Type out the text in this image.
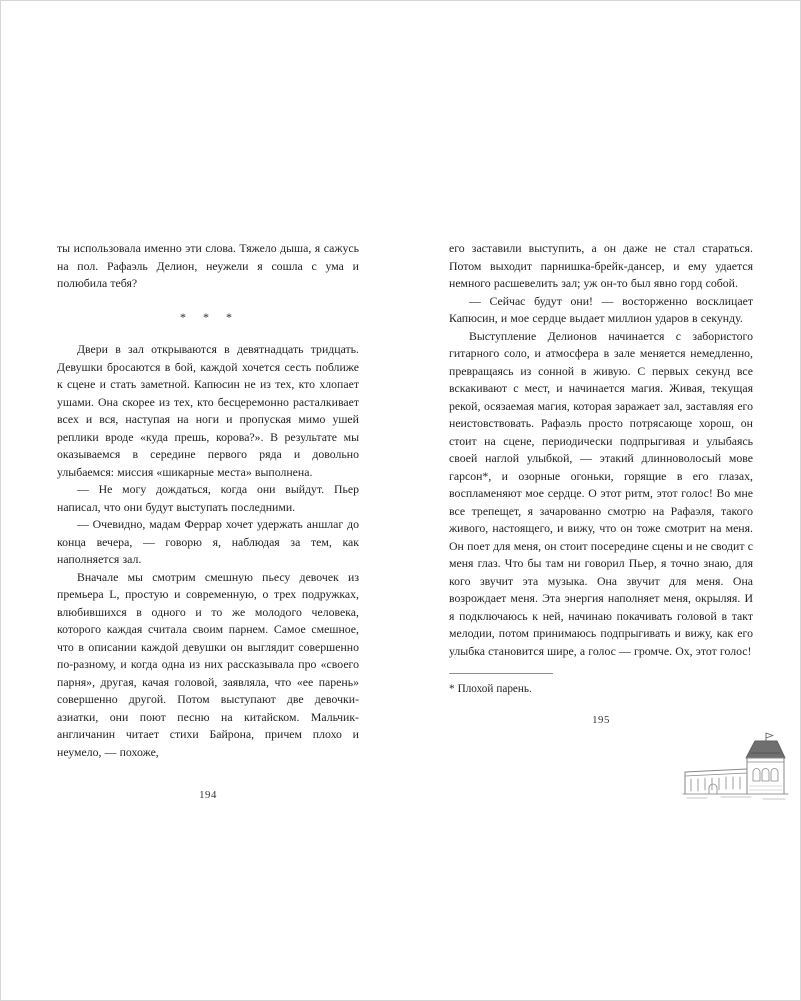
ты использовала именно эти слова. Тяжело дыша, я сажусь на пол. Рафаэль Делион, неужели я сошла с ума и полюбила тебя?

* * *

Двери в зал открываются в девятнадцать тридцать. Девушки бросаются в бой, каждой хочется сесть поближе к сцене и стать заметной. Капюсин не из тех, кто хлопает ушами. Она скорее из тех, кто бесцеремонно расталкивает всех и вся, наступая на ноги и пропуская мимо ушей реплики вроде «куда прешь, корова?». В результате мы оказываемся в середине первого ряда и довольно улыбаемся: миссия «шикарные места» выполнена.

— Не могу дождаться, когда они выйдут. Пьер написал, что они будут выступать последними.

— Очевидно, мадам Феррар хочет удержать аншлаг до конца вечера, — говорю я, наблюдая за тем, как наполняется зал.

Вначале мы смотрим смешную пьесу девочек из премьера L, простую и современную, о трех подружках, влюбившихся в одного и то же молодого человека, которого каждая считала своим парнем. Самое смешное, что в описании каждой девушки он выглядит совершенно по-разному, и когда одна из них рассказывала про «своего парня», другая, качая головой, заявляла, что «ее парень» совершенно другой. Потом выступают две девочки-азиатки, они поют песню на китайском. Мальчик-англичанин читает стихи Байрона, причем плохо и неумело, — похоже,

194

его заставили выступить, а он даже не стал стараться. Потом выходит парнишка-брейк-дансер, и ему удается немного расшевелить зал; уж он-то был явно горд собой.

— Сейчас будут они! — восторженно восклицает Капюсин, и мое сердце выдает миллион ударов в секунду.

Выступление Делионов начинается с забористого гитарного соло, и атмосфера в зале меняется немедленно, превращаясь из сонной в живую. С первых секунд все вскакивают с мест, и начинается магия. Живая, текущая рекой, осязаемая магия, которая заражает зал, заставляя его неистовствовать. Рафаэль просто потрясающе хорош, он стоит на сцене, периодически подпрыгивая и улыбаясь своей наглой улыбкой, — этакий длинноволосый мове гарсон*, и озорные огоньки, горящие в его глазах, воспламеняют мое сердце. О этот ритм, этот голос! Во мне все трепещет, я зачарованно смотрю на Рафаэля, такого живого, настоящего, и вижу, что он тоже смотрит на меня. Он поет для меня, он стоит посередине сцены и не сводит с меня глаз. Что бы там ни говорил Пьер, я точно знаю, для кого звучит эта музыка. Она звучит для меня. Она возрождает меня. Эта энергия наполняет меня, окрыляя. И я подключаюсь к ней, начинаю покачивать головой в такт мелодии, потом принимаюсь подпрыгивать и вижу, как его улыбка становится шире, а голос — громче. Ох, этот голос!

* Плохой парень.
195
